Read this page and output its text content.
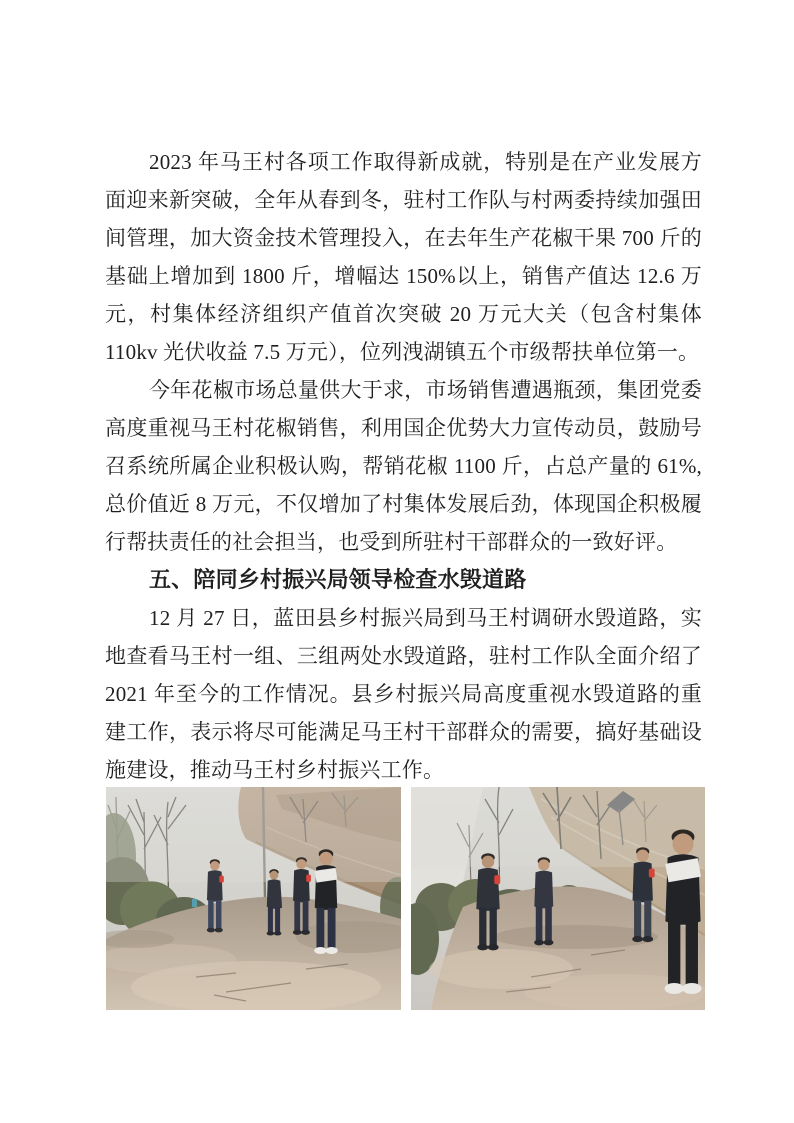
2023 年马王村各项工作取得新成就，特别是在产业发展方
面迎来新突破，全年从春到冬，驻村工作队与村两委持续加强田
间管理，加大资金技术管理投入，在去年生产花椒干果 700 斤的
基础上增加到 1800 斤，增幅达 150%以上，销售产值达 12.6 万
元，村集体经济组织产值首次突破 20 万元大关（包含村集体
110kv 光伏收益 7.5 万元），位列洩湖镇五个市级帮扶单位第一。
今年花椒市场总量供大于求，市场销售遭遇瓶颈，集团党委
高度重视马王村花椒销售，利用国企优势大力宣传动员，鼓励号
召系统所属企业积极认购，帮销花椒 1100 斤，占总产量的 61%,
总价值近 8 万元，不仅增加了村集体发展后劲，体现国企积极履
行帮扶责任的社会担当，也受到所驻村干部群众的一致好评。
五、陪同乡村振兴局领导检查水毁道路
12 月 27 日，蓝田县乡村振兴局到马王村调研水毁道路，实
地查看马王村一组、三组两处水毁道路，驻村工作队全面介绍了
2021 年至今的工作情况。县乡村振兴局高度重视水毁道路的重
建工作，表示将尽可能满足马王村干部群众的需要，搞好基础设
施建设，推动马王村乡村振兴工作。
